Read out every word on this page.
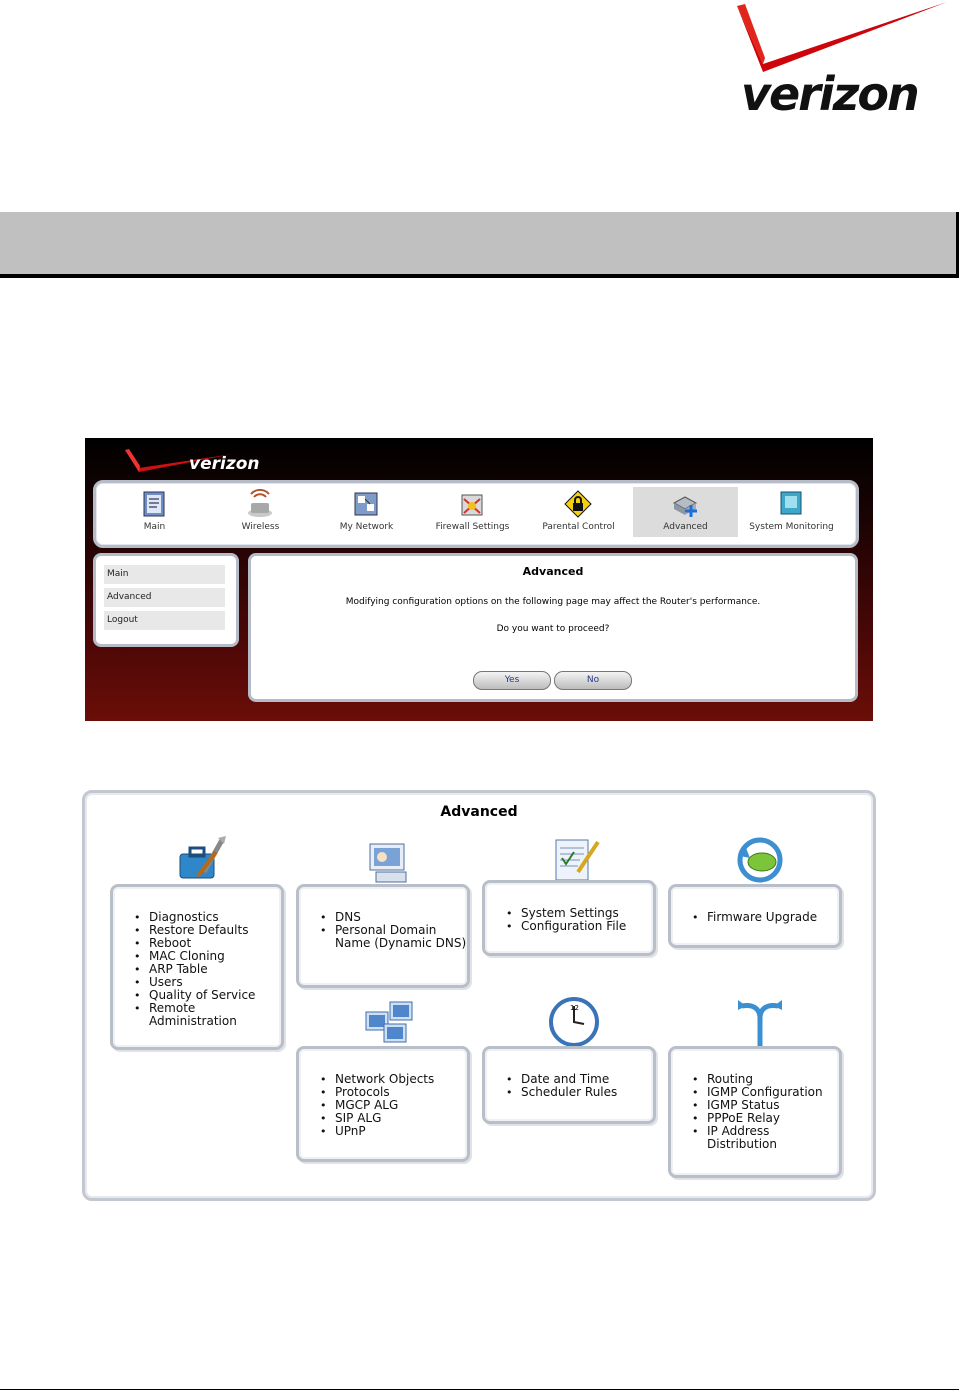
verizon
verizon
Main	Wireless	My Network	Firewall Settings	Parental Control	Advanced	System Monitoring
Main
Advanced
Logout
Advanced
Modifying configuration options on the following page may affect the Router's performance.
Do you want to proceed?
Yes	No
Advanced
12
• Diagnostics
• Restore Defaults
• Reboot
• MAC Cloning
• ARP Table
• Users
• Quality of Service
• Remote Administration
• DNS
• Personal Domain Name (Dynamic DNS)
• System Settings
• Configuration File
• Firmware Upgrade
• Network Objects
• Protocols
• MGCP ALG
• SIP ALG
• UPnP
• Date and Time
• Scheduler Rules
• Routing
• IGMP Configuration
• IGMP Status
• PPPoE Relay
• IP Address Distribution
